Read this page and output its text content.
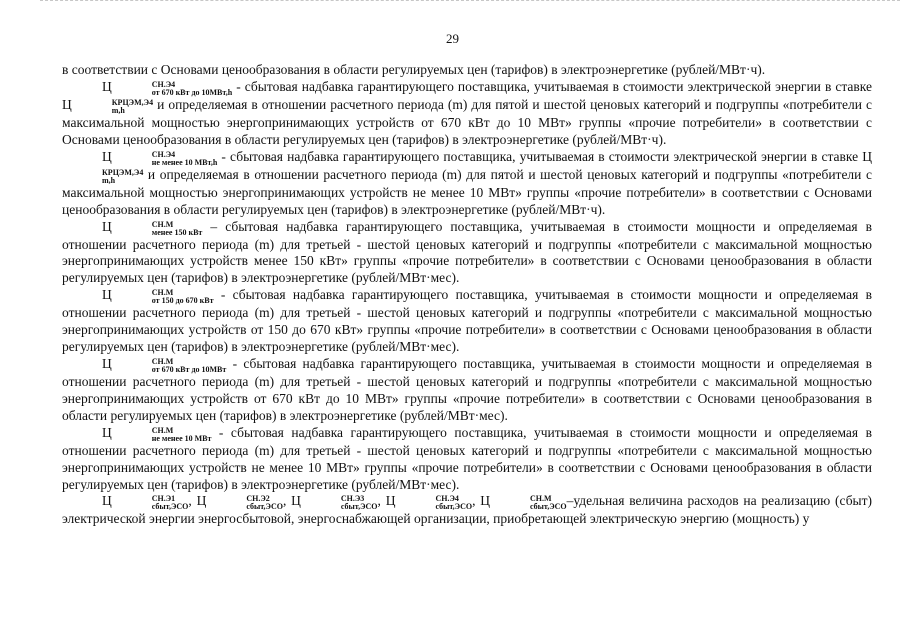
29

в соответствии с Основами ценообразования в области регулируемых цен (тарифов) в электроэнергетике (рублей/МВт·ч).

Ц	СН.Э4
от 670 кВт до 10МВт,h - сбытовая надбавка гарантирующего поставщика, учитываемая в стоимости электрической энергии в ставке Ц	КРЦЭМ,Э4
m,h	и определяемая в отношении расчетного периода (m) для пятой и шестой ценовых категорий и подгруппы «потребители с максимальной мощностью энергопринимающих устройств от 670 кВт до 10 МВт» группы «прочие потребители» в соответствии с Основами ценообразования в области регулируемых цен (тарифов) в электроэнергетике (рублей/МВт·ч).

Ц	СН.Э4
не менее 10 МВт,h - сбытовая надбавка гарантирующего поставщика, учитываемая в стоимости электрической энергии в ставке Ц
КРЦЭМ,Э4
m,h	и определяемая в отношении расчетного периода (m) для пятой и шестой ценовых категорий и подгруппы «потребители с максимальной мощностью энергопринимающих устройств не менее 10 МВт» группы «прочие потребители» в соответствии с Основами ценообразования в области регулируемых цен (тарифов) в электроэнергетике (рублей/МВт·ч).

Ц	СН.М
менее 150 кВт – сбытовая надбавка гарантирующего поставщика, учитываемая в стоимости мощности и определяемая в отношении расчетного периода (m) для третьей - шестой ценовых категорий и подгруппы «потребители с максимальной мощностью энергопринимающих устройств менее 150 кВт» группы «прочие потребители» в соответствии с Основами ценообразования в области регулируемых цен (тарифов) в электроэнергетике (рублей/МВт·мес).

Ц	СН.М
от 150 до 670 кВт - сбытовая надбавка гарантирующего поставщика, учитываемая в стоимости мощности и определяемая в отношении расчетного периода (m) для третьей - шестой ценовых категорий и подгруппы «потребители с максимальной мощностью энергопринимающих устройств от 150 до 670 кВт» группы «прочие потребители» в соответствии с Основами ценообразования в области регулируемых цен (тарифов) в электроэнергетике (рублей/МВт·мес).

Ц	СН.М
от 670 кВт до 10МВт - сбытовая надбавка гарантирующего поставщика, учитываемая в стоимости мощности и определяемая в отношении расчетного периода (m) для третьей - шестой ценовых категорий и подгруппы «потребители с максимальной мощностью энергопринимающих устройств от 670 кВт до 10 МВт» группы «прочие потребители» в соответствии с Основами ценообразования в области регулируемых цен (тарифов) в электроэнергетике (рублей/МВт·мес).

Ц	СН.М
не менее 10 МВт - сбытовая надбавка гарантирующего поставщика, учитываемая в стоимости мощности и определяемая в отношении расчетного периода (m) для третьей - шестой ценовых категорий и подгруппы «потребители с максимальной мощностью энергопринимающих устройств не менее 10 МВт» группы «прочие потребители» в соответствии с Основами ценообразования в области регулируемых цен (тарифов) в электроэнергетике (рублей/МВт·мес).

Ц	СН.Э1
сбыт,ЭСО , Ц	СН.Э2
сбыт,ЭСО , Ц	СН.Э3
сбыт,ЭСО , Ц	СН.Э4
сбыт,ЭСО , Ц	СН.М
сбыт,ЭСО –удельная величина расходов на реализацию (сбыт) электрической энергии энергосбытовой, энергоснабжающей организации, приобретающей электрическую энергию (мощность) у
